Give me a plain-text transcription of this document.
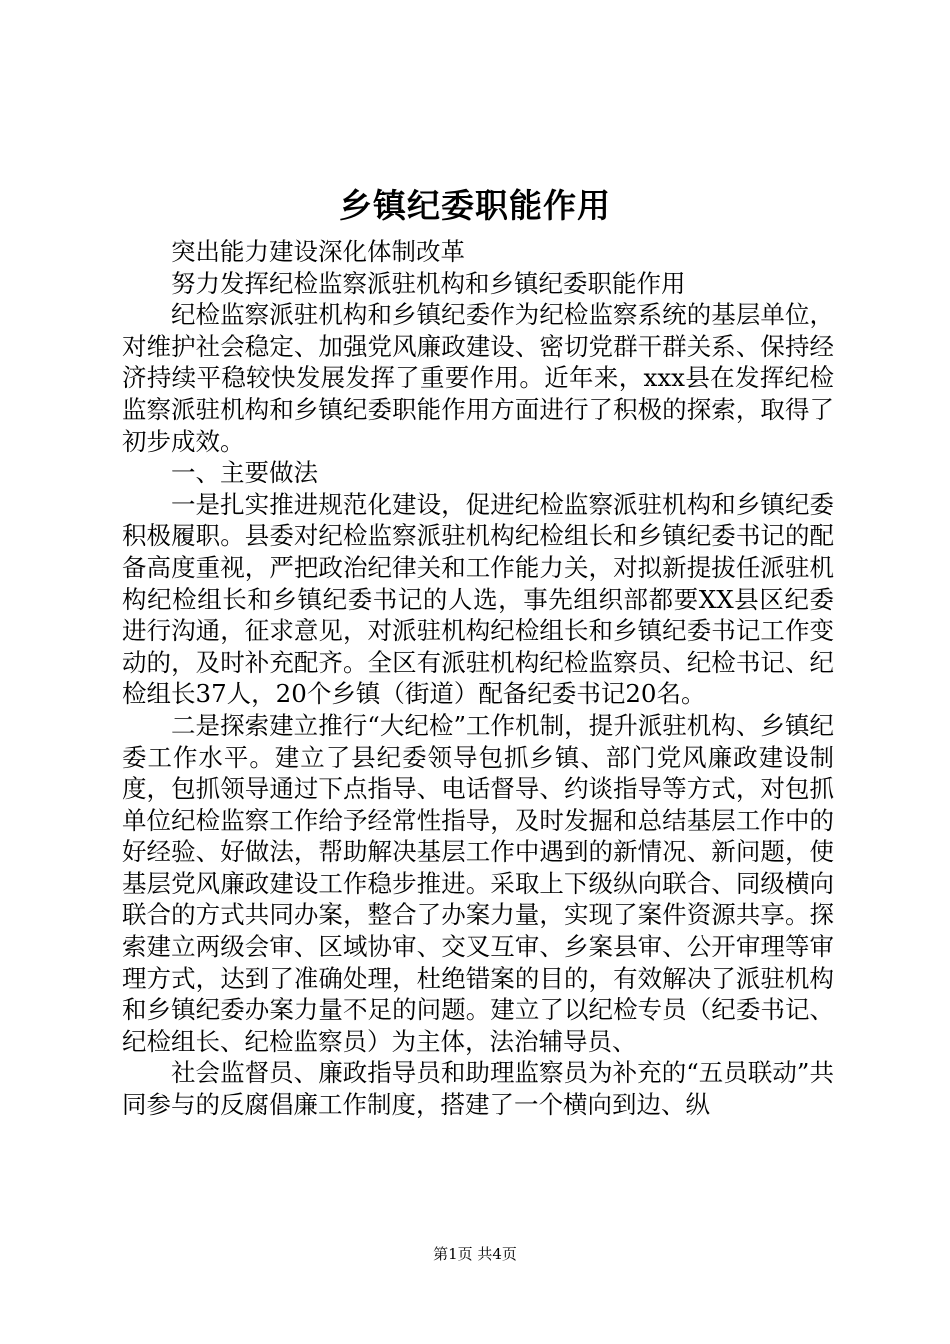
乡镇纪委职能作用

突出能力建设深化体制改革

努力发挥纪检监察派驻机构和乡镇纪委职能作用

纪检监察派驻机构和乡镇纪委作为纪检监察系统的基层单位，对维护社会稳定、加强党风廉政建设、密切党群干群关系、保持经济持续平稳较快发展发挥了重要作用。近年来，xxx县在发挥纪检监察派驻机构和乡镇纪委职能作用方面进行了积极的探索，取得了初步成效。

一、主要做法

一是扎实推进规范化建设，促进纪检监察派驻机构和乡镇纪委积极履职。县委对纪检监察派驻机构纪检组长和乡镇纪委书记的配备高度重视，严把政治纪律关和工作能力关，对拟新提拔任派驻机构纪检组长和乡镇纪委书记的人选，事先组织部都要XX县区纪委进行沟通，征求意见，对派驻机构纪检组长和乡镇纪委书记工作变动的，及时补充配齐。全区有派驻机构纪检监察员、纪检书记、纪检组长37人，20个乡镇（街道）配备纪委书记20名。

二是探索建立推行“大纪检”工作机制，提升派驻机构、乡镇纪委工作水平。建立了县纪委领导包抓乡镇、部门党风廉政建设制度，包抓领导通过下点指导、电话督导、约谈指导等方式，对包抓单位纪检监察工作给予经常性指导，及时发掘和总结基层工作中的好经验、好做法，帮助解决基层工作中遇到的新情况、新问题，使基层党风廉政建设工作稳步推进。采取上下级纵向联合、同级横向联合的方式共同办案，整合了办案力量，实现了案件资源共享。探索建立两级会审、区域协审、交叉互审、乡案县审、公开审理等审理方式，达到了准确处理，杜绝错案的目的，有效解决了派驻机构和乡镇纪委办案力量不足的问题。建立了以纪检专员（纪委书记、纪检组长、纪检监察员）为主体，法治辅导员、

社会监督员、廉政指导员和助理监察员为补充的“五员联动”共同参与的反腐倡廉工作制度，搭建了一个横向到边、纵

第1页 共4页
